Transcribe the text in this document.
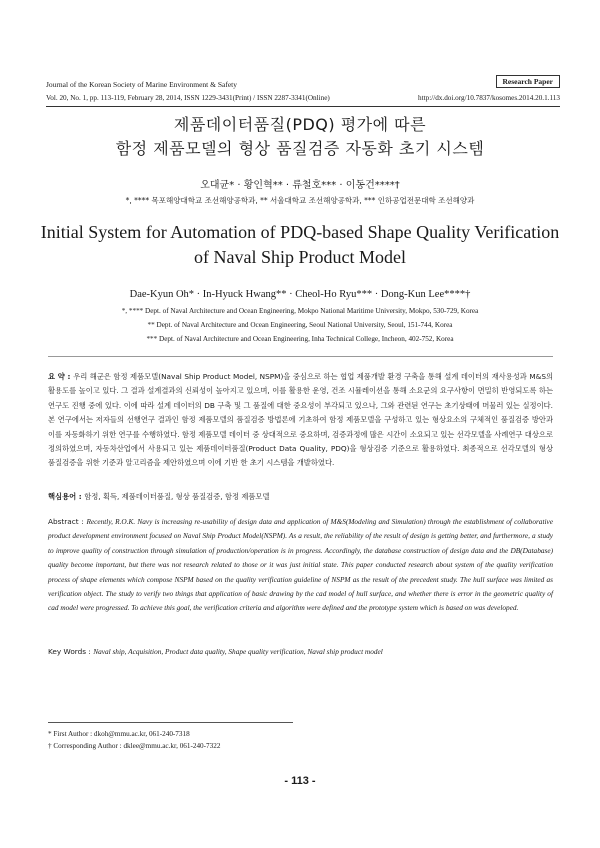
Journal of the Korean Society of Marine Environment & Safety	Research Paper
Vol. 20, No. 1, pp. 113-119, February 28, 2014, ISSN 1229-3431(Print) / ISSN 2287-3341(Online)	http://dx.doi.org/10.7837/kosomes.2014.20.1.113
제품데이터품질(PDQ) 평가에 따른
함정 제품모델의 형상 품질검증 자동화 초기 시스템
오대균* · 황인혁** · 류철호*** · 이동건****†
*, **** 목포해양대학교 조선해양공학과, ** 서울대학교 조선해양공학과, *** 인하공업전문대학 조선해양과
Initial System for Automation of PDQ-based Shape Quality Verification
of Naval Ship Product Model
Dae-Kyun Oh* · In-Hyuck Hwang** · Cheol-Ho Ryu*** · Dong-Kun Lee****†
*, **** Dept. of Naval Architecture and Ocean Engineering, Mokpo National Maritime University, Mokpo, 530-729, Korea
** Dept. of Naval Architecture and Ocean Engineering, Seoul National University, Seoul, 151-744, Korea
*** Dept. of Naval Architecture and Ocean Engineering, Inha Technical College, Incheon, 402-752, Korea
요 약 : 우리 해군은 함정 제품모델(Naval Ship Product Model, NSPM)을 중심으로 하는 협업 제품개발 환경 구축을 통해 설계 데이터의 재사용성과 M&S의 활용도를 높이고 있다. 그 결과 설계결과의 신뢰성이 높아지고 있으며, 이를 활용한 운영, 건조 시뮬레이션을 통해 소요군의 요구사항이 면밀히 반영되도록 하는 연구도 진행 중에 있다. 이에 따라 설계 데이터의 DB 구축 및 그 품질에 대한 중요성이 부각되고 있으나, 그와 관련된 연구는 초기상태에 머물러 있는 실정이다. 본 연구에서는 저자들의 선행연구 결과인 함정 제품모델의 품질검증 방법론에 기초하여 함정 제품모델을 구성하고 있는 형상요소의 구체적인 품질검증 방안과 이를 자동화하기 위한 연구를 수행하였다. 함정 제품모델 데이터 중 상대적으로 중요하며, 검증과정에 많은 시간이 소요되고 있는 선각모델을 사례연구 대상으로 정의하였으며, 자동차산업에서 사용되고 있는 제품데이터품질(Product Data Quality, PDQ)을 형상검증 기준으로 활용하였다. 최종적으로 선각모델의 형상 품질검증을 위한 기준과 알고리즘을 제안하였으며 이에 기반 한 초기 시스템을 개발하였다.
핵심용어 : 함정, 획득, 제품데이터품질, 형상 품질검증, 함정 제품모델
Abstract : Recently, R.O.K. Navy is increasing re-usability of design data and application of M&S(Modeling and Simulation) through the establishment of collaborative product development environment focused on Naval Ship Product Model(NSPM). As a result, the reliability of the result of design is getting better, and furthermore, a study to improve quality of construction through simulation of production/operation is in progress. Accordingly, the database construction of design data and the DB(Database) quality become important, but there was not research related to those or it was just initial state. This paper conducted research about system of the quality verification process of shape elements which compose NSPM based on the quality verification guideline of NSPM as the result of the precedent study. The hull surface was limited as verification object. The study to verify two things that application of basic drawing by the cad model of hull surface, and whether there is error in the geometric quality of cad model were progressed. To achieve this goal, the verification criteria and algorithm were defined and the prototype system which is based on was developed.
Key Words : Naval ship, Acquisition, Product data quality, Shape quality verification, Naval ship product model
* First Author : dkoh@mmu.ac.kr, 061-240-7318
† Corresponding Author : dklee@mmu.ac.kr, 061-240-7322
- 113 -
